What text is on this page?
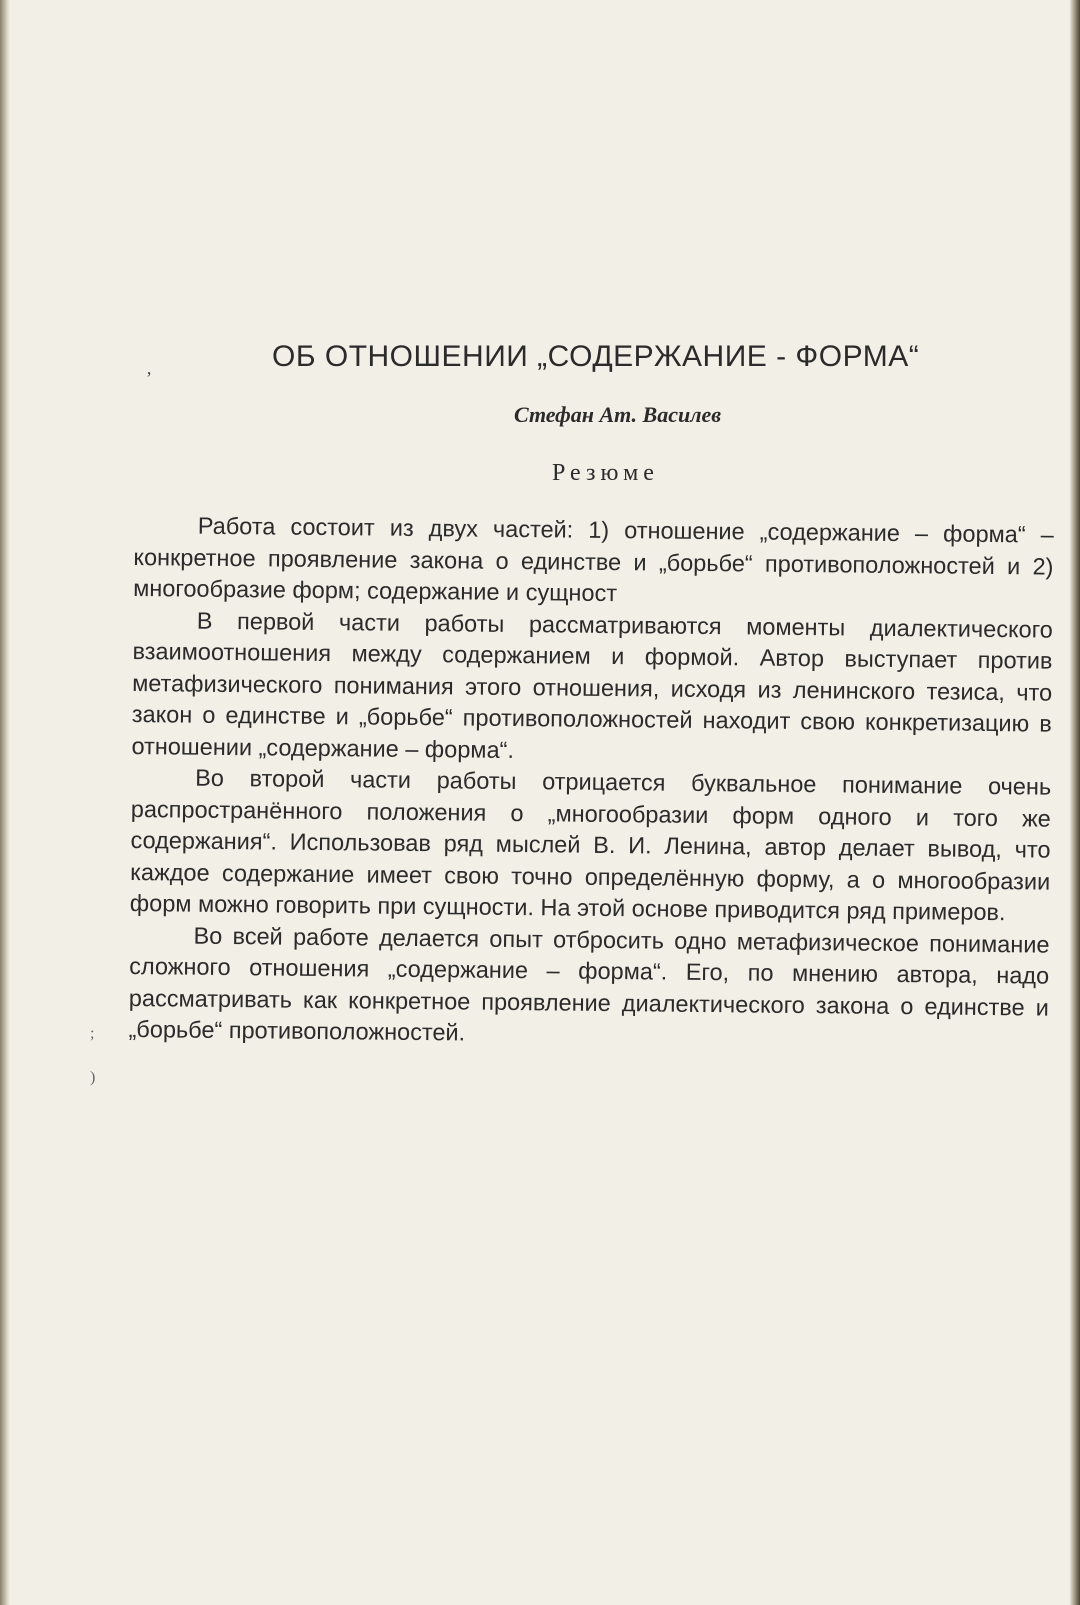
‚
;
)
ОБ ОТНОШЕНИИ „СОДЕРЖАНИЕ - ФОРМА“
Стефан Ат. Василев
Резюме

Работа состоит из двух частей: 1) отношение „содержание – форма“ – конкретное проявление закона о единстве и „борьбе“ противоположностей и 2) многообразие форм; содержание и сущност

В первой части работы рассматриваются моменты диалектического взаимоотношения между содержанием и формой. Автор выступает против метафизического понимания этого отношения, исходя из ленинского тезиса, что закон о единстве и „борьбе“ противоположностей находит свою конкретизацию в отношении „содержание – форма“.

Во второй части работы отрицается буквальное понимание очень распространённого положения о „многообразии форм одного и того же содержания“. Использовав ряд мыслей В. И. Ленина, автор делает вывод, что каждое содержание имеет свою точно определённую форму, а о многообразии форм можно говорить при сущности. На этой основе приводится ряд примеров.

Во всей работе делается опыт отбросить одно метафизическое понимание сложного отношения „содержание – форма“. Его, по мнению автора, надо рассматривать как конкретное проявление диалектического закона о единстве и „борьбе“ противоположностей.
